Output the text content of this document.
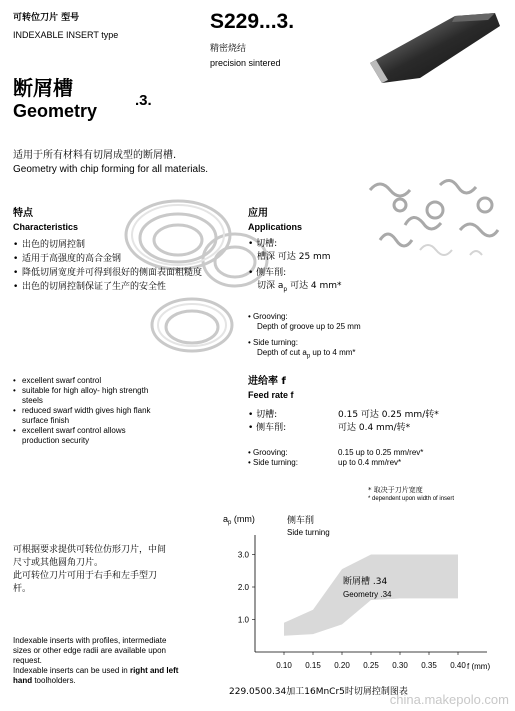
可转位刀片 型号
INDEXABLE INSERT type
S229...3.
精密烧结
precision sintered
断屑槽
Geometry
.3.
适用于所有材料有切屑成型的断屑槽.
Geometry with chip forming for all materials.
特点
Characteristics
• 出色的切屑控制
• 适用于高强度的高合金钢
• 降低切屑宽度并可得到很好的侧面表面粗糙度
• 出色的切屑控制保证了生产的安全性
应用
Applications
• 切槽:
槽深 可达 25 mm
• 侧车削:
切深 $a_p$ 可达 4 mm*
• Grooving:
Depth of groove up to 25 mm
• Side turning:
Depth of cut $a_p$ up to 4 mm*
• excellent swarf control
• suitable for high alloy- high strength
steels
• reduced swarf width gives high flank
surface finish
• excellent swarf control allows
production security
进给率 f
Feed rate f
• 切槽:	0.15 可达 0.25 mm/转*
• 侧车削:	可达 0.4 mm/转*
• Grooving:	0.15 up to 0.25 mm/rev*
• Side turning:	up to 0.4 mm/rev*
* 取决于刀片宽度
* dependent upon width of insert
可根据要求提供可转位仿形刀片，中间
尺寸或其他圆角刀片。
此可转位刀片可用于右手和左手型刀
杆。
Indexable inserts with profiles, intermediate
sizes or other edge radii are available upon
request.
Indexable inserts can be used in right and left
hand toolholders.
$a_p$ (mm)	侧车削
Side turning
0.10 0.15 0.20 0.25 0.30 0.35 0.40
1.0
2.0
3.0
断屑槽 .34
Geometry .34
f (mm)
229.0500.34加工16MnCr5时切屑控制图表
china.makepolo.com
